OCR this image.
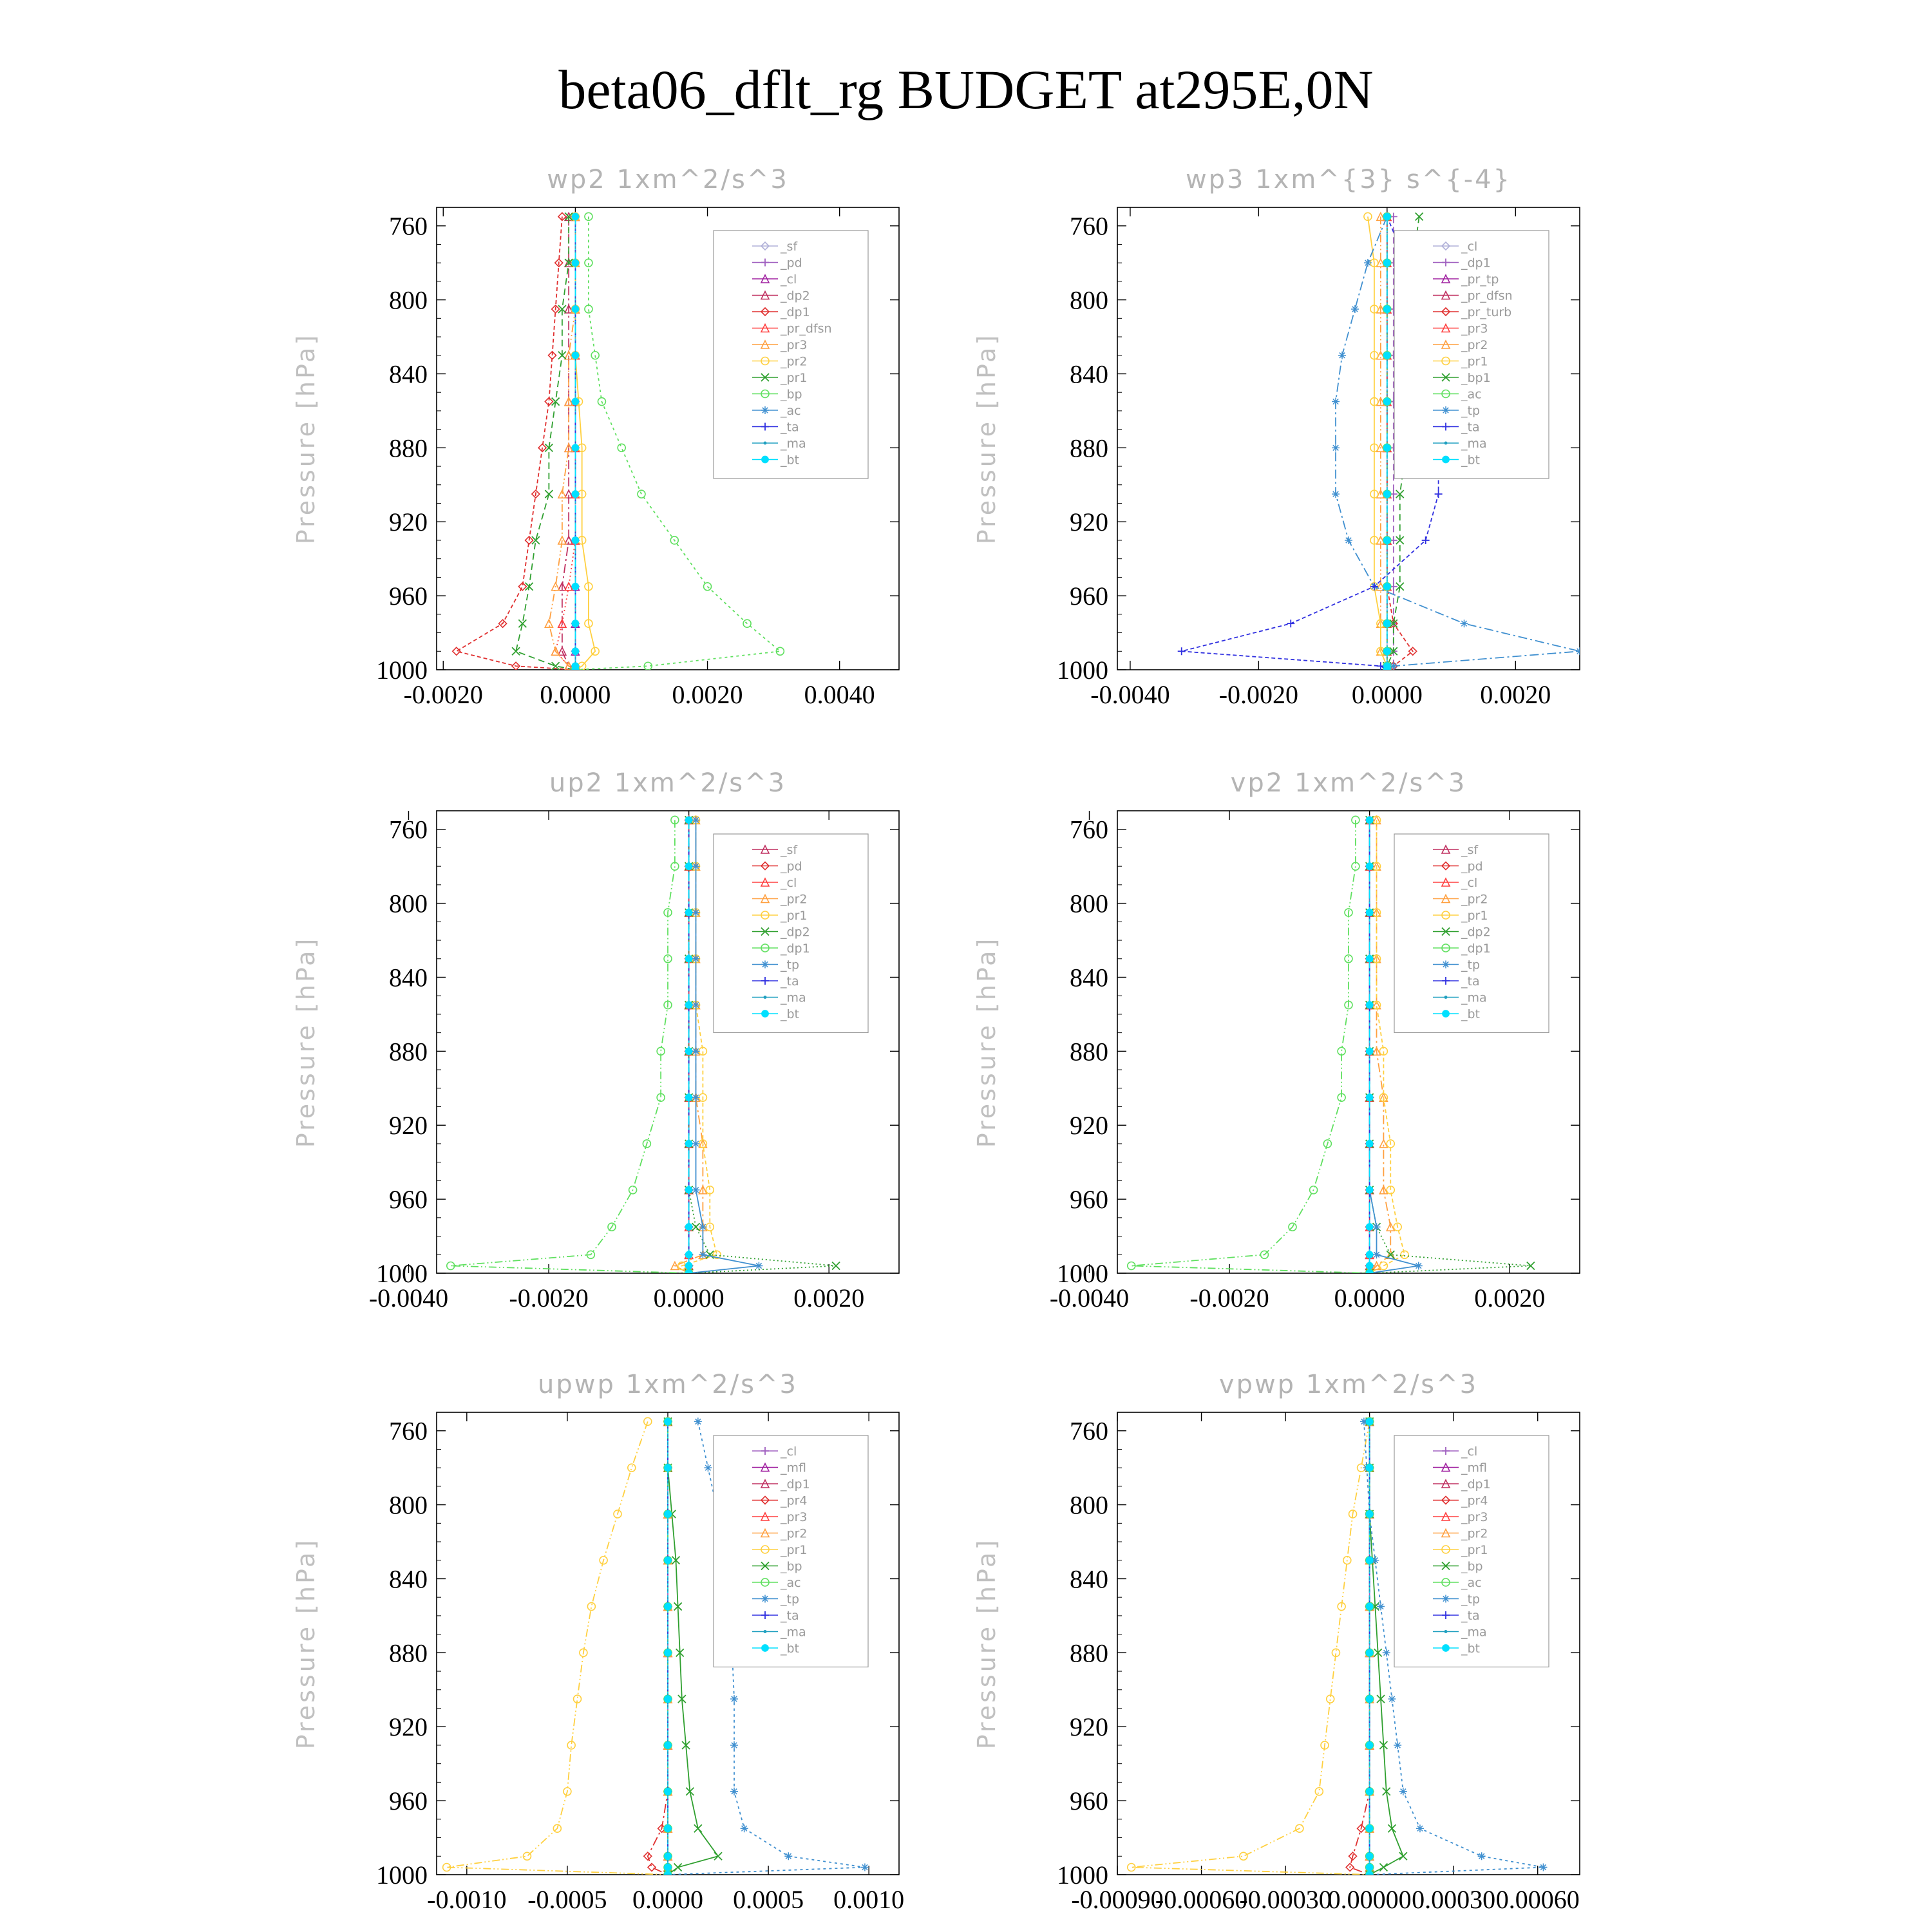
beta06_dflt_rg BUDGET at295E,0N
wp2 1xm^2/s^3
Pressure [hPa]
760
800
840
880
920
960
1000
-0.0020 0.0000 0.0020 0.0040
_sf
_pd
_cl
_dp2
_dp1
_pr_dfsn
_pr3
_pr2
_pr1
_bp
_ac
_ta
_ma
_bt
wp3 1xm^{3} s^{-4}
Pressure [hPa]
760
800
840
880
920
960
1000
-0.0040 -0.0020 0.0000 0.0020
_cl
_dp1
_pr_tp
_pr_dfsn
_pr_turb
_pr3
_pr2
_pr1
_bp1
_ac
_tp
_ta
_ma
_bt
up2 1xm^2/s^3
Pressure [hPa]
760
800
840
880
920
960
1000
-0.0040 -0.0020	0.0000	0.0020
_sf
_pd
_cl
_pr2
_pr1
_dp2
_dp1
_tp
_ta
_ma
_bt
vp2 1xm^2/s^3
Pressure [hPa]
760
800
840
880
920
960
1000
-0.0040 -0.0020	0.0000	0.0020
_sf
_pd
_cl
_pr2
_pr1
_dp2
_dp1
_tp
_ta
_ma
_bt
upwp 1xm^2/s^3
Pressure [hPa]
760
800
840
880
920
960
1000
-0.0010 -0.0005 0.0000 0.0005 0.0010
_cl
_mfl
_dp1
_pr4
_pr3
_pr2
_pr1
_bp
_ac
_tp
_ta
_ma
_bt
vpwp 1xm^2/s^3
Pressure [hPa]
760
800
840
880
920
960
1000
-0.00090
-0.00060
-0.00030
0.00000 0.00030 0.00060
_cl
_mfl
_dp1
_pr4
_pr3
_pr2
_pr1
_bp
_ac
_tp
_ta
_ma
_bt
